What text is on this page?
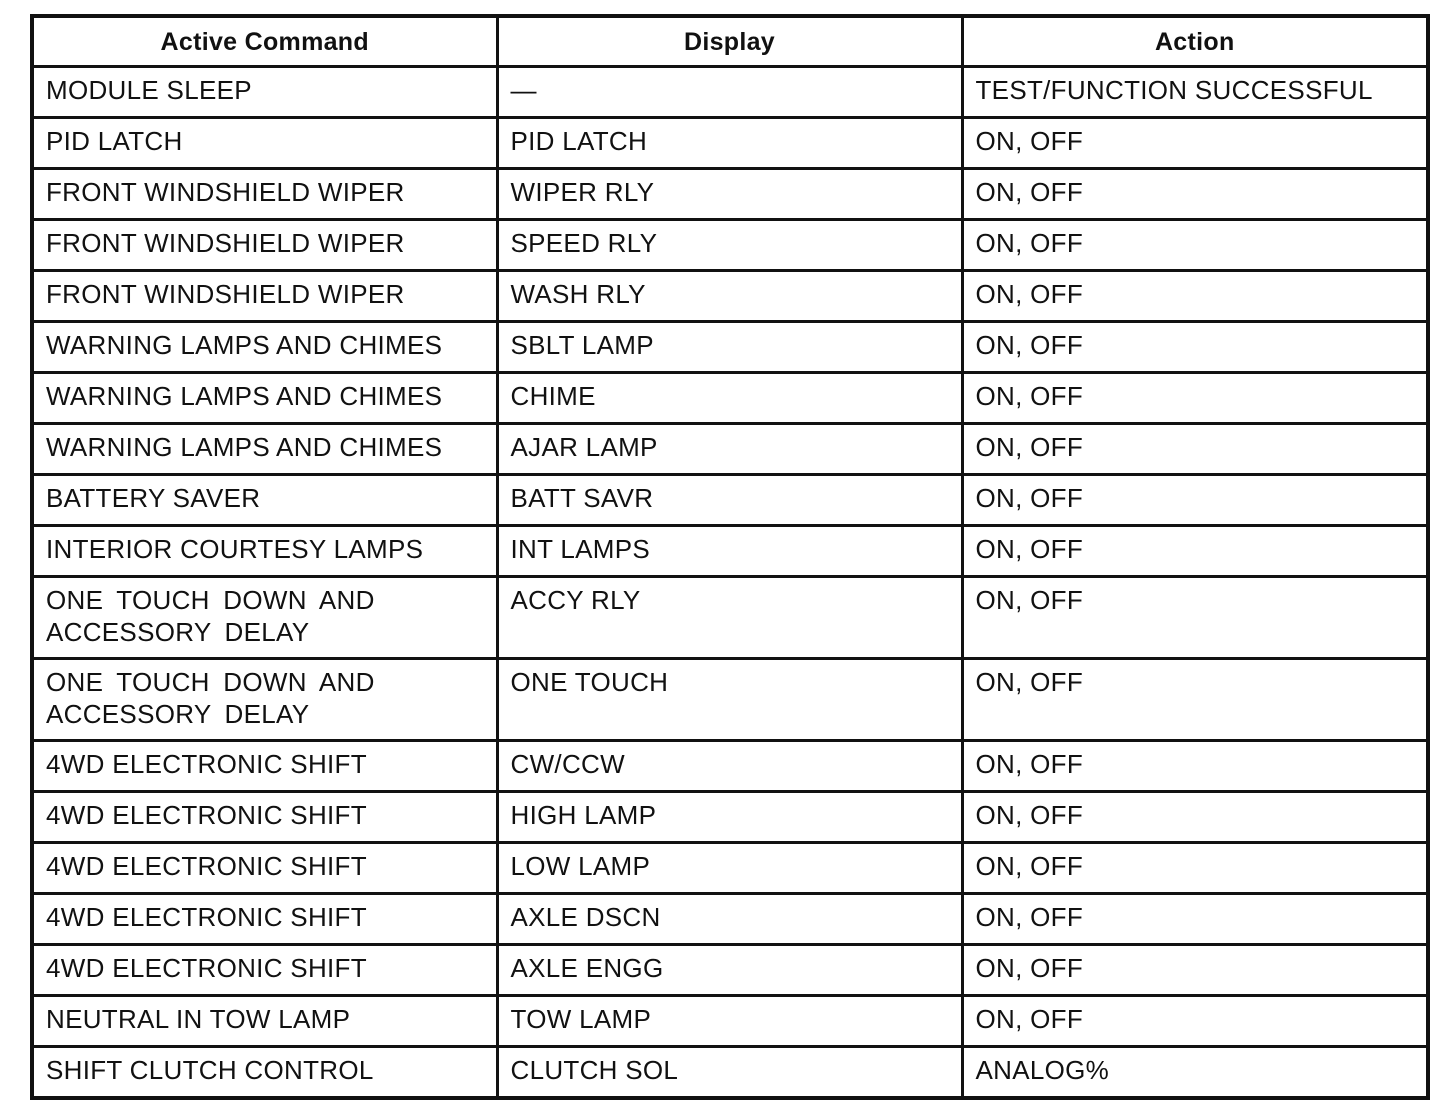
Active Command	Display	Action
MODULE SLEEP	—	TEST/FUNCTION SUCCESSFUL
PID LATCH	PID LATCH	ON, OFF
FRONT WINDSHIELD WIPER	WIPER RLY	ON, OFF
FRONT WINDSHIELD WIPER	SPEED RLY	ON, OFF
FRONT WINDSHIELD WIPER	WASH RLY	ON, OFF
WARNING LAMPS AND CHIMES	SBLT LAMP	ON, OFF
WARNING LAMPS AND CHIMES	CHIME	ON, OFF
WARNING LAMPS AND CHIMES	AJAR LAMP	ON, OFF
BATTERY SAVER	BATT SAVR	ON, OFF
INTERIOR COURTESY LAMPS	INT LAMPS	ON, OFF
ONE TOUCH DOWN AND ACCESSORY DELAY	ACCY RLY	ON, OFF
ONE TOUCH DOWN AND ACCESSORY DELAY	ONE TOUCH	ON, OFF
4WD ELECTRONIC SHIFT	CW/CCW	ON, OFF
4WD ELECTRONIC SHIFT	HIGH LAMP	ON, OFF
4WD ELECTRONIC SHIFT	LOW LAMP	ON, OFF
4WD ELECTRONIC SHIFT	AXLE DSCN	ON, OFF
4WD ELECTRONIC SHIFT	AXLE ENGG	ON, OFF
NEUTRAL IN TOW LAMP	TOW LAMP	ON, OFF
SHIFT CLUTCH CONTROL	CLUTCH SOL	ANALOG%
